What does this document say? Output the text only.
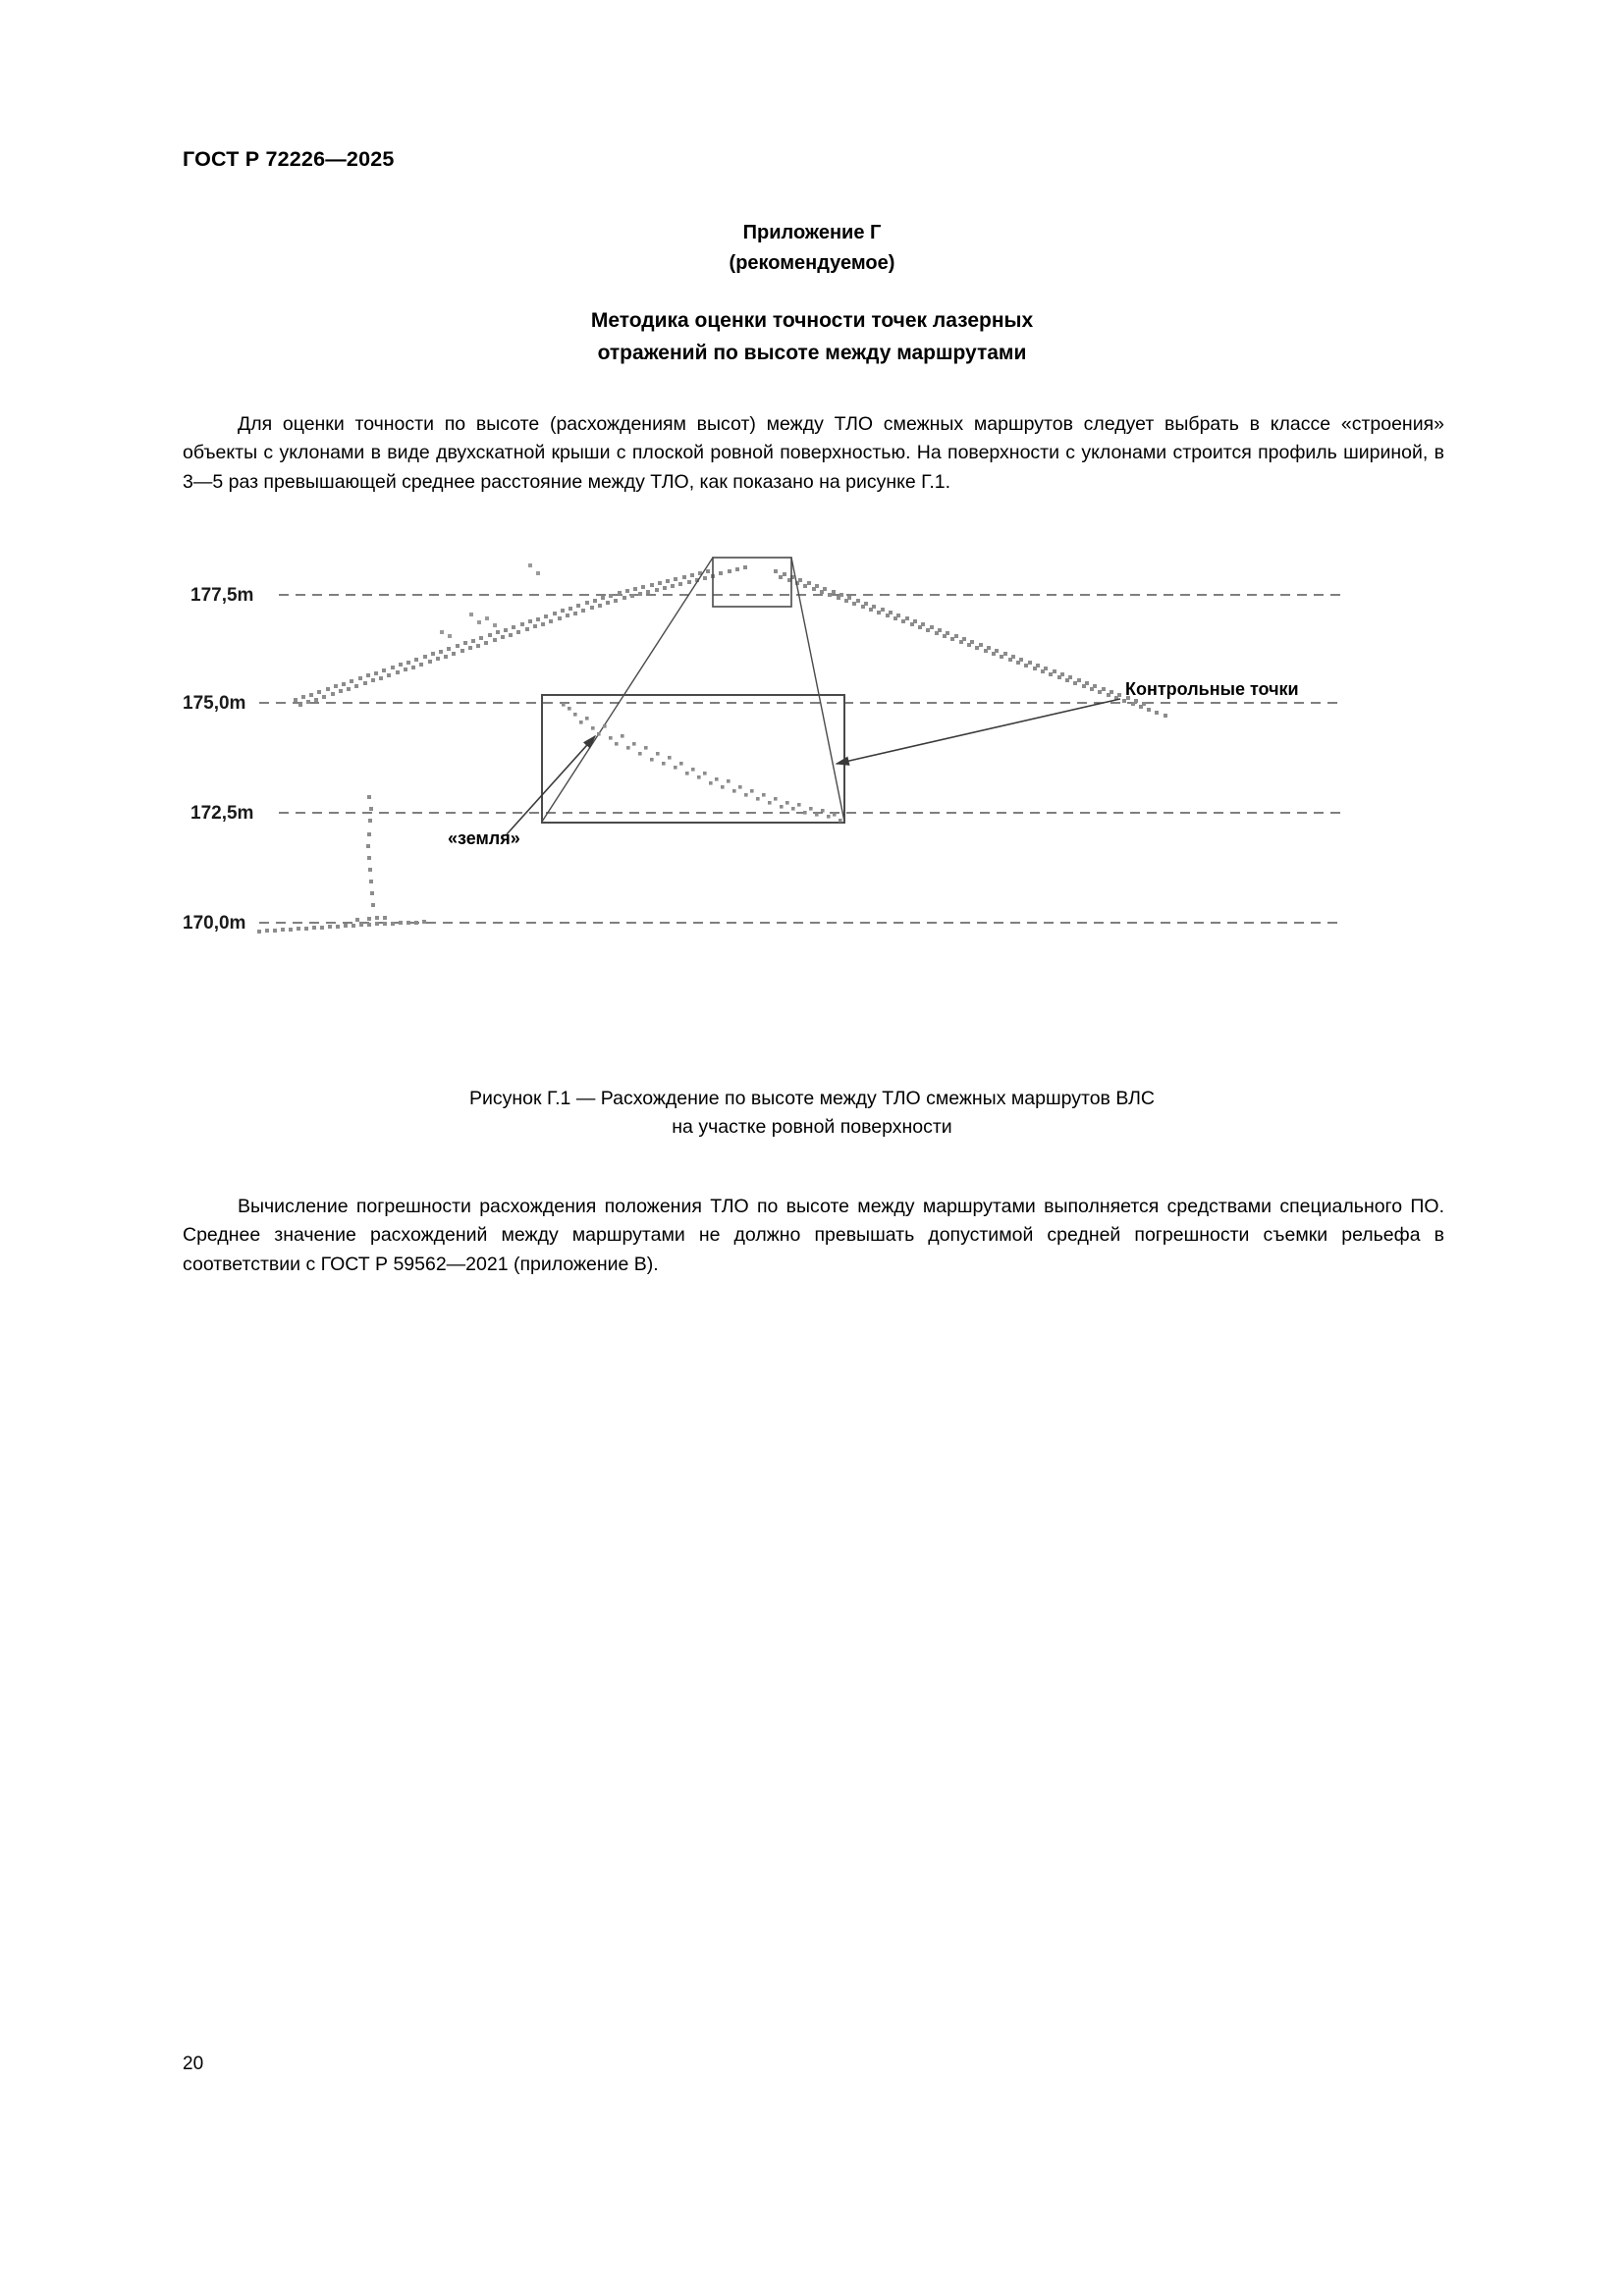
ГОСТ Р 72226—2025
Приложение Г
(рекомендуемое)
Методика оценки точности точек лазерных
отражений по высоте между маршрутами
Для оценки точности по высоте (расхождениям высот) между ТЛО смежных маршрутов следует выбрать в классе «строения» объекты с уклонами в виде двухскатной крыши с плоской ровной поверхностью. На поверхности с уклонами строится профиль шириной, в 3—5 раз превышающей среднее расстояние между ТЛО, как показано на рисунке Г.1.
177,5m
175,0m
172,5m
170,0m
Контрольные точки
«земля»
Рисунок Г.1 — Расхождение по высоте между ТЛО смежных маршрутов ВЛС
на участке ровной поверхности
Вычисление погрешности расхождения положения ТЛО по высоте между маршрутами выполняется средствами специального ПО. Среднее значение расхождений между маршрутами не должно превышать допустимой средней погрешности съемки рельефа в соответствии с ГОСТ Р 59562—2021 (приложение В).
20
